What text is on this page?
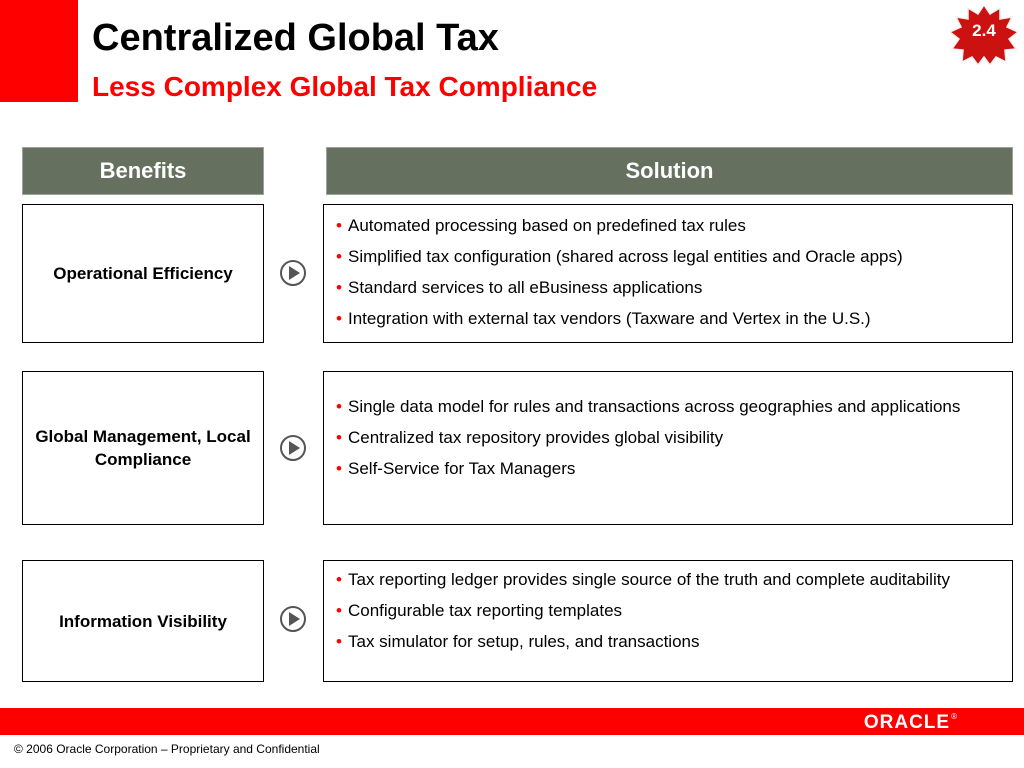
Centralized Global Tax
Less Complex Global Tax Compliance
2.4
Benefits	Solution
Operational Efficiency
• Automated processing based on predefined tax rules
• Simplified tax configuration (shared across legal entities and Oracle apps)
• Standard services to all eBusiness applications
• Integration with external tax vendors (Taxware and Vertex in the U.S.)
Global Management, Local Compliance
• Single data model for rules and transactions across geographies and applications
• Centralized tax repository provides global visibility
• Self-Service for Tax Managers
Information Visibility
• Tax reporting ledger provides single source of the truth and complete auditability
• Configurable tax reporting templates
• Tax simulator for setup, rules, and transactions
ORACLE®
© 2006 Oracle Corporation – Proprietary and Confidential
